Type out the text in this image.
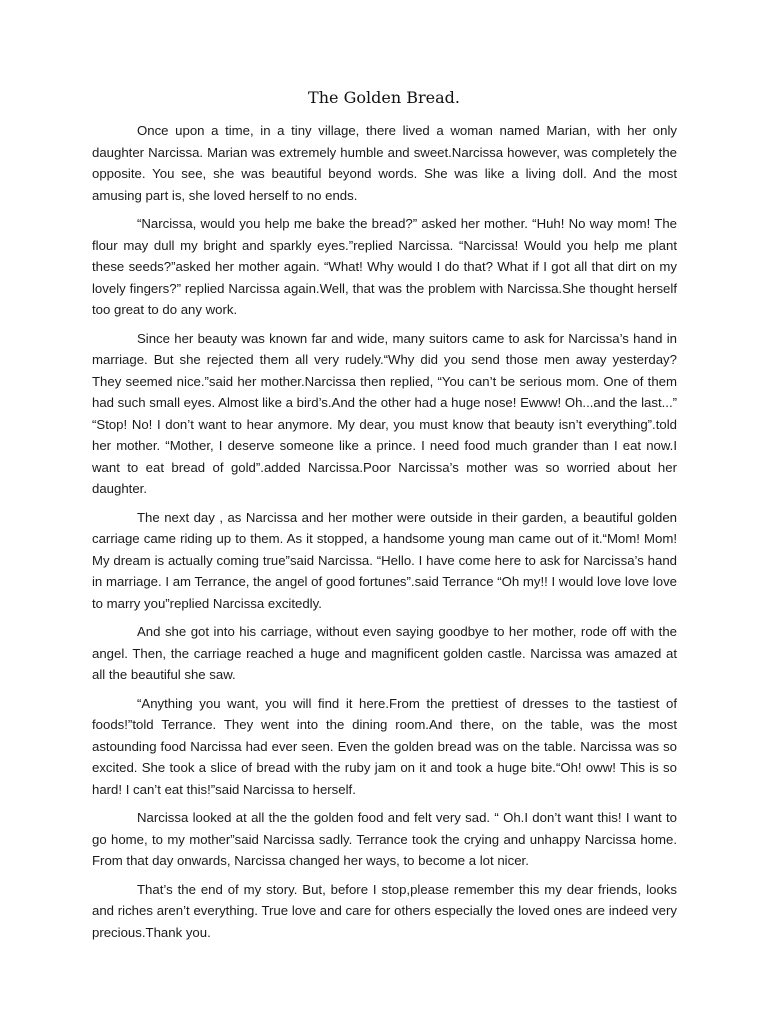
The Golden Bread.

Once upon a time, in a tiny village, there lived a woman named Marian, with her only daughter Narcissa. Marian was extremely humble and sweet.Narcissa however, was completely the opposite. You see, she was beautiful beyond words. She was like a living doll. And the most amusing part is, she loved herself to no ends.

“Narcissa, would you help me bake the bread?” asked her mother. “Huh! No way mom! The flour may dull my bright and sparkly eyes.”replied Narcissa. “Narcissa! Would you help me plant these seeds?”asked her mother again. “What! Why would I do that? What if I got all that dirt on my lovely fingers?” replied Narcissa again.Well, that was the problem with Narcissa.She thought herself too great to do any work.

Since her beauty was known far and wide, many suitors came to ask for Narcissa’s hand in marriage. But she rejected them all very rudely.“Why did you send those men away yesterday? They seemed nice.”said her mother.Narcissa then replied, “You can’t be serious mom. One of them had such small eyes. Almost like a bird’s.And the other had a huge nose! Ewww! Oh...and the last...” “Stop! No! I don’t want to hear anymore. My dear, you must know that beauty isn’t everything”.told her mother. “Mother, I deserve someone like a prince. I need food much grander than I eat now.I want to eat bread of gold”.added Narcissa.Poor Narcissa’s mother was so worried about her daughter.

The next day , as Narcissa and her mother were outside in their garden, a beautiful golden carriage came riding up to them. As it stopped, a handsome young man came out of it.“Mom! Mom! My dream is actually coming true”said Narcissa. “Hello. I have come here to ask for Narcissa’s hand in marriage. I am Terrance, the angel of good fortunes”.said Terrance “Oh my!! I would love love love to marry you”replied Narcissa excitedly.

And she got into his carriage, without even saying goodbye to her mother, rode off with the angel. Then, the carriage reached a huge and magnificent golden castle. Narcissa was amazed at all the beautiful she saw.

“Anything you want, you will find it here.From the prettiest of dresses to the tastiest of foods!”told Terrance. They went into the dining room.And there, on the table, was the most astounding food Narcissa had ever seen. Even the golden bread was on the table. Narcissa was so excited. She took a slice of bread with the ruby jam on it and took a huge bite.“Oh! oww! This is so hard! I can’t eat this!”said Narcissa to herself.

Narcissa looked at all the the golden food and felt very sad. “ Oh.I don’t want this! I want to go home, to my mother”said Narcissa sadly. Terrance took the crying and unhappy Narcissa home. From that day onwards, Narcissa changed her ways, to become a lot nicer.

That’s the end of my story. But, before I stop,please remember this my dear friends, looks and riches aren’t everything. True love and care for others especially the loved ones are indeed very precious.Thank you.
